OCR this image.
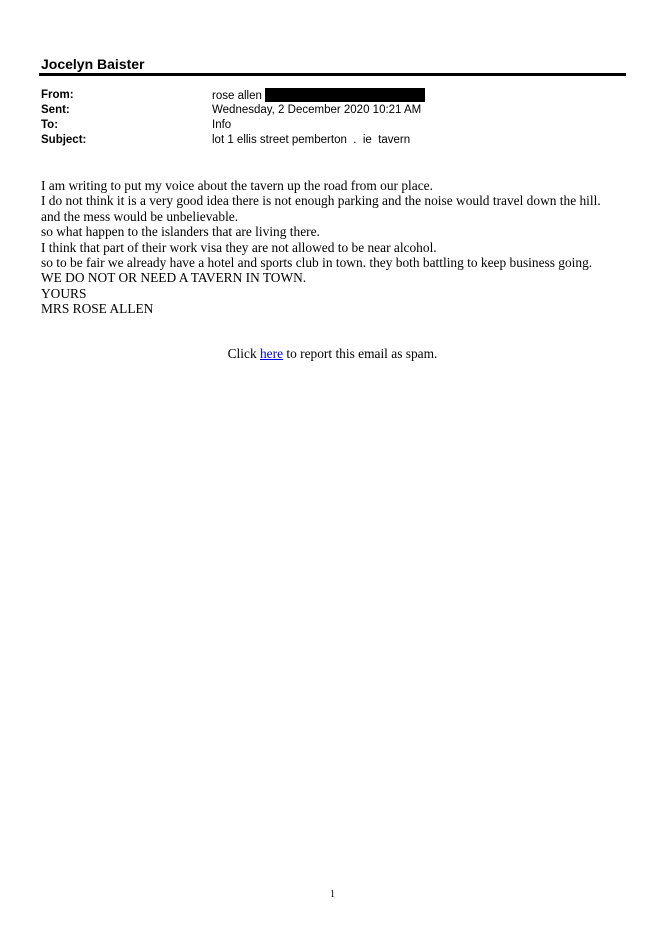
Jocelyn Baister
From:	rose allen
Sent:	Wednesday, 2 December 2020 10:21 AM
To:	Info
Subject:	lot 1 ellis street pemberton  .  ie  tavern
I am writing to put my voice about the tavern up the road from our place.
I do not think it is a very good idea there is not enough parking and the noise would travel down the hill.
and the mess would be unbelievable.
so what happen to the islanders that are living there.
I think that part of their work visa they are not allowed to be near alcohol.
so to be fair we already have a hotel and sports club in town. they both battling to keep business going.
WE DO NOT OR NEED A TAVERN IN TOWN.
YOURS
MRS ROSE ALLEN
Click here to report this email as spam.
1
